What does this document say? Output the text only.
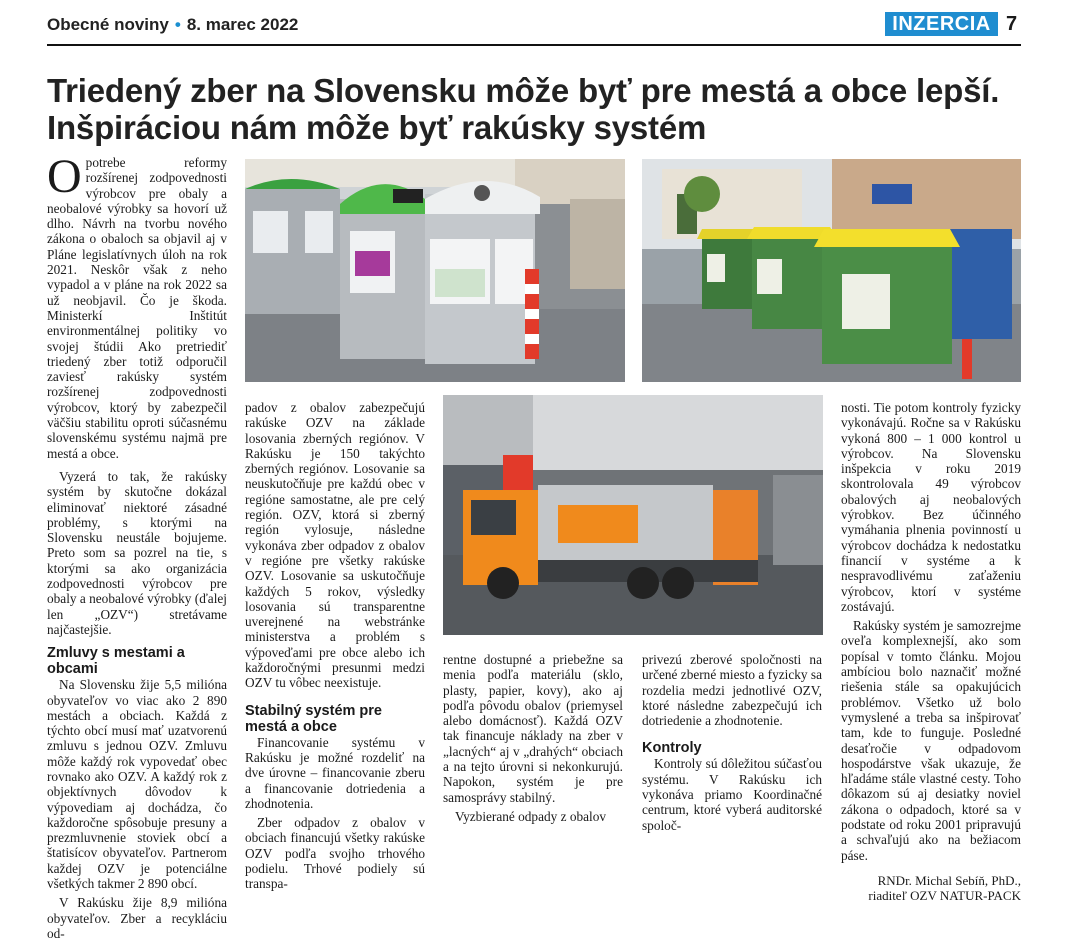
Obecné noviny • 8. marec 2022	INZERCIA 7
Triedený zber na Slovensku môže byť pre mestá a obce lepší. Inšpiráciou nám môže byť rakúsky systém

Opotrebe reformy rozšírenej zodpovednosti výrobcov pre obaly a neobalové výrobky sa hovorí už dlho. Návrh na tvorbu nového zákona o obaloch sa objavil aj v Pláne legislatívnych úloh na rok 2021. Neskôr však z neho vypadol a v pláne na rok 2022 sa už neobjavil. Čo je škoda. Ministerkí Inštitút environmentálnej politiky vo svojej štúdii Ako pretriediť triedený zber totiž odporučil zaviesť rakúsky systém rozšírenej zodpovednosti výrobcov, ktorý by zabezpečil väčšiu stabilitu oproti súčasnému slovenskému systému najmä pre mestá a obce.

Vyzerá to tak, že rakúsky systém by skutočne dokázal eliminovať niektoré zásadné problémy, s ktorými na Slovensku neustále bojujeme. Preto som sa pozrel na tie, s ktorými sa ako organizácia zodpovednosti výrobcov pre obaly a neobalové výrobky (ďalej len „OZV“) stretávame najčastejšie.

Zmluvy s mestami a obcami

Na Slovensku žije 5,5 milióna obyvateľov vo viac ako 2 890 mestách a obciach. Každá z týchto obcí musí mať uzatvorenú zmluvu s jednou OZV. Zmluvu môže každý rok vypovedať obec rovnako ako OZV. A každý rok z objektívnych dôvodov k výpovediam aj dochádza, čo každoročne spôsobuje presuny a prezmluvnenie stoviek obcí a štatisícov obyvateľov. Partnerom každej OZV je potenciálne všetkých takmer 2 890 obcí.

V Rakúsku žije 8,9 milióna obyvateľov. Zber a recykláciu od-

padov z obalov zabezpečujú rakúske OZV na základe losovania zberných regiónov. V Rakúsku je 150 takýchto zberných regiónov. Losovanie sa neuskutočňuje pre každú obec v regióne samostatne, ale pre celý región. OZV, ktorá si zberný región vylosuje, následne vykonáva zber odpadov z obalov v regióne pre všetky rakúske OZV. Losovanie sa uskutočňuje každých 5 rokov, výsledky losovania sú transparentne uverejnené na webstránke ministerstva a problém s výpoveďami pre obce alebo ich každoročnými presunmi medzi OZV tu vôbec neexistuje.

Stabilný systém pre mestá a obce

Financovanie systému v Rakúsku je možné rozdeliť na dve úrovne – financovanie zberu a financovanie dotriedenia a zhodnotenia.

Zber odpadov z obalov v obciach financujú všetky rakúske OZV podľa svojho trhového podielu. Trhové podiely sú transpa-

rentne dostupné a priebežne sa menia podľa materiálu (sklo, plasty, papier, kovy), ako aj podľa pôvodu obalov (priemysel alebo domácnosť). Každá OZV tak financuje náklady na zber v „lacných“ aj v „drahých“ obciach a na tejto úrovni si nekonkurujú. Napokon, systém je pre samosprávy stabilný.

Vyzbierané odpady z obalov

privezú zberové spoločnosti na určené zberné miesto a fyzicky sa rozdelia medzi jednotlivé OZV, ktoré následne zabezpečujú ich dotriedenie a zhodnotenie.

Kontroly

Kontroly sú dôležitou súčasťou systému. V Rakúsku ich vykonáva priamo Koordinačné centrum, ktoré vyberá auditorské spoloč-

nosti. Tie potom kontroly fyzicky vykonávajú. Ročne sa v Rakúsku vykoná 800 – 1 000 kontrol u výrobcov. Na Slovensku inšpekcia v roku 2019 skontrolovala 49 výrobcov obalových aj neobalových výrobkov. Bez účinného vymáhania plnenia povinností u výrobcov dochádza k nedostatku financií v systéme a k nespravodlivému zaťaženiu výrobcov, ktorí v systéme zostávajú.

Rakúsky systém je samozrejme oveľa komplexnejší, ako som popísal v tomto článku. Mojou ambíciou bolo naznačiť možné riešenia stále sa opakujúcich problémov. Všetko už bolo vymyslené a treba sa inšpirovať tam, kde to funguje. Posledné desaťročie v odpadovom hospodárstve však ukazuje, že hľadáme stále vlastné cesty. Toho dôkazom sú aj desiatky noviel zákona o odpadoch, ktoré sa v podstate od roku 2001 pripravujú a schvaľujú ako na bežiacom páse.

RNDr. Michal Sebíň, PhD.,
riaditeľ OZV NATUR-PACK
